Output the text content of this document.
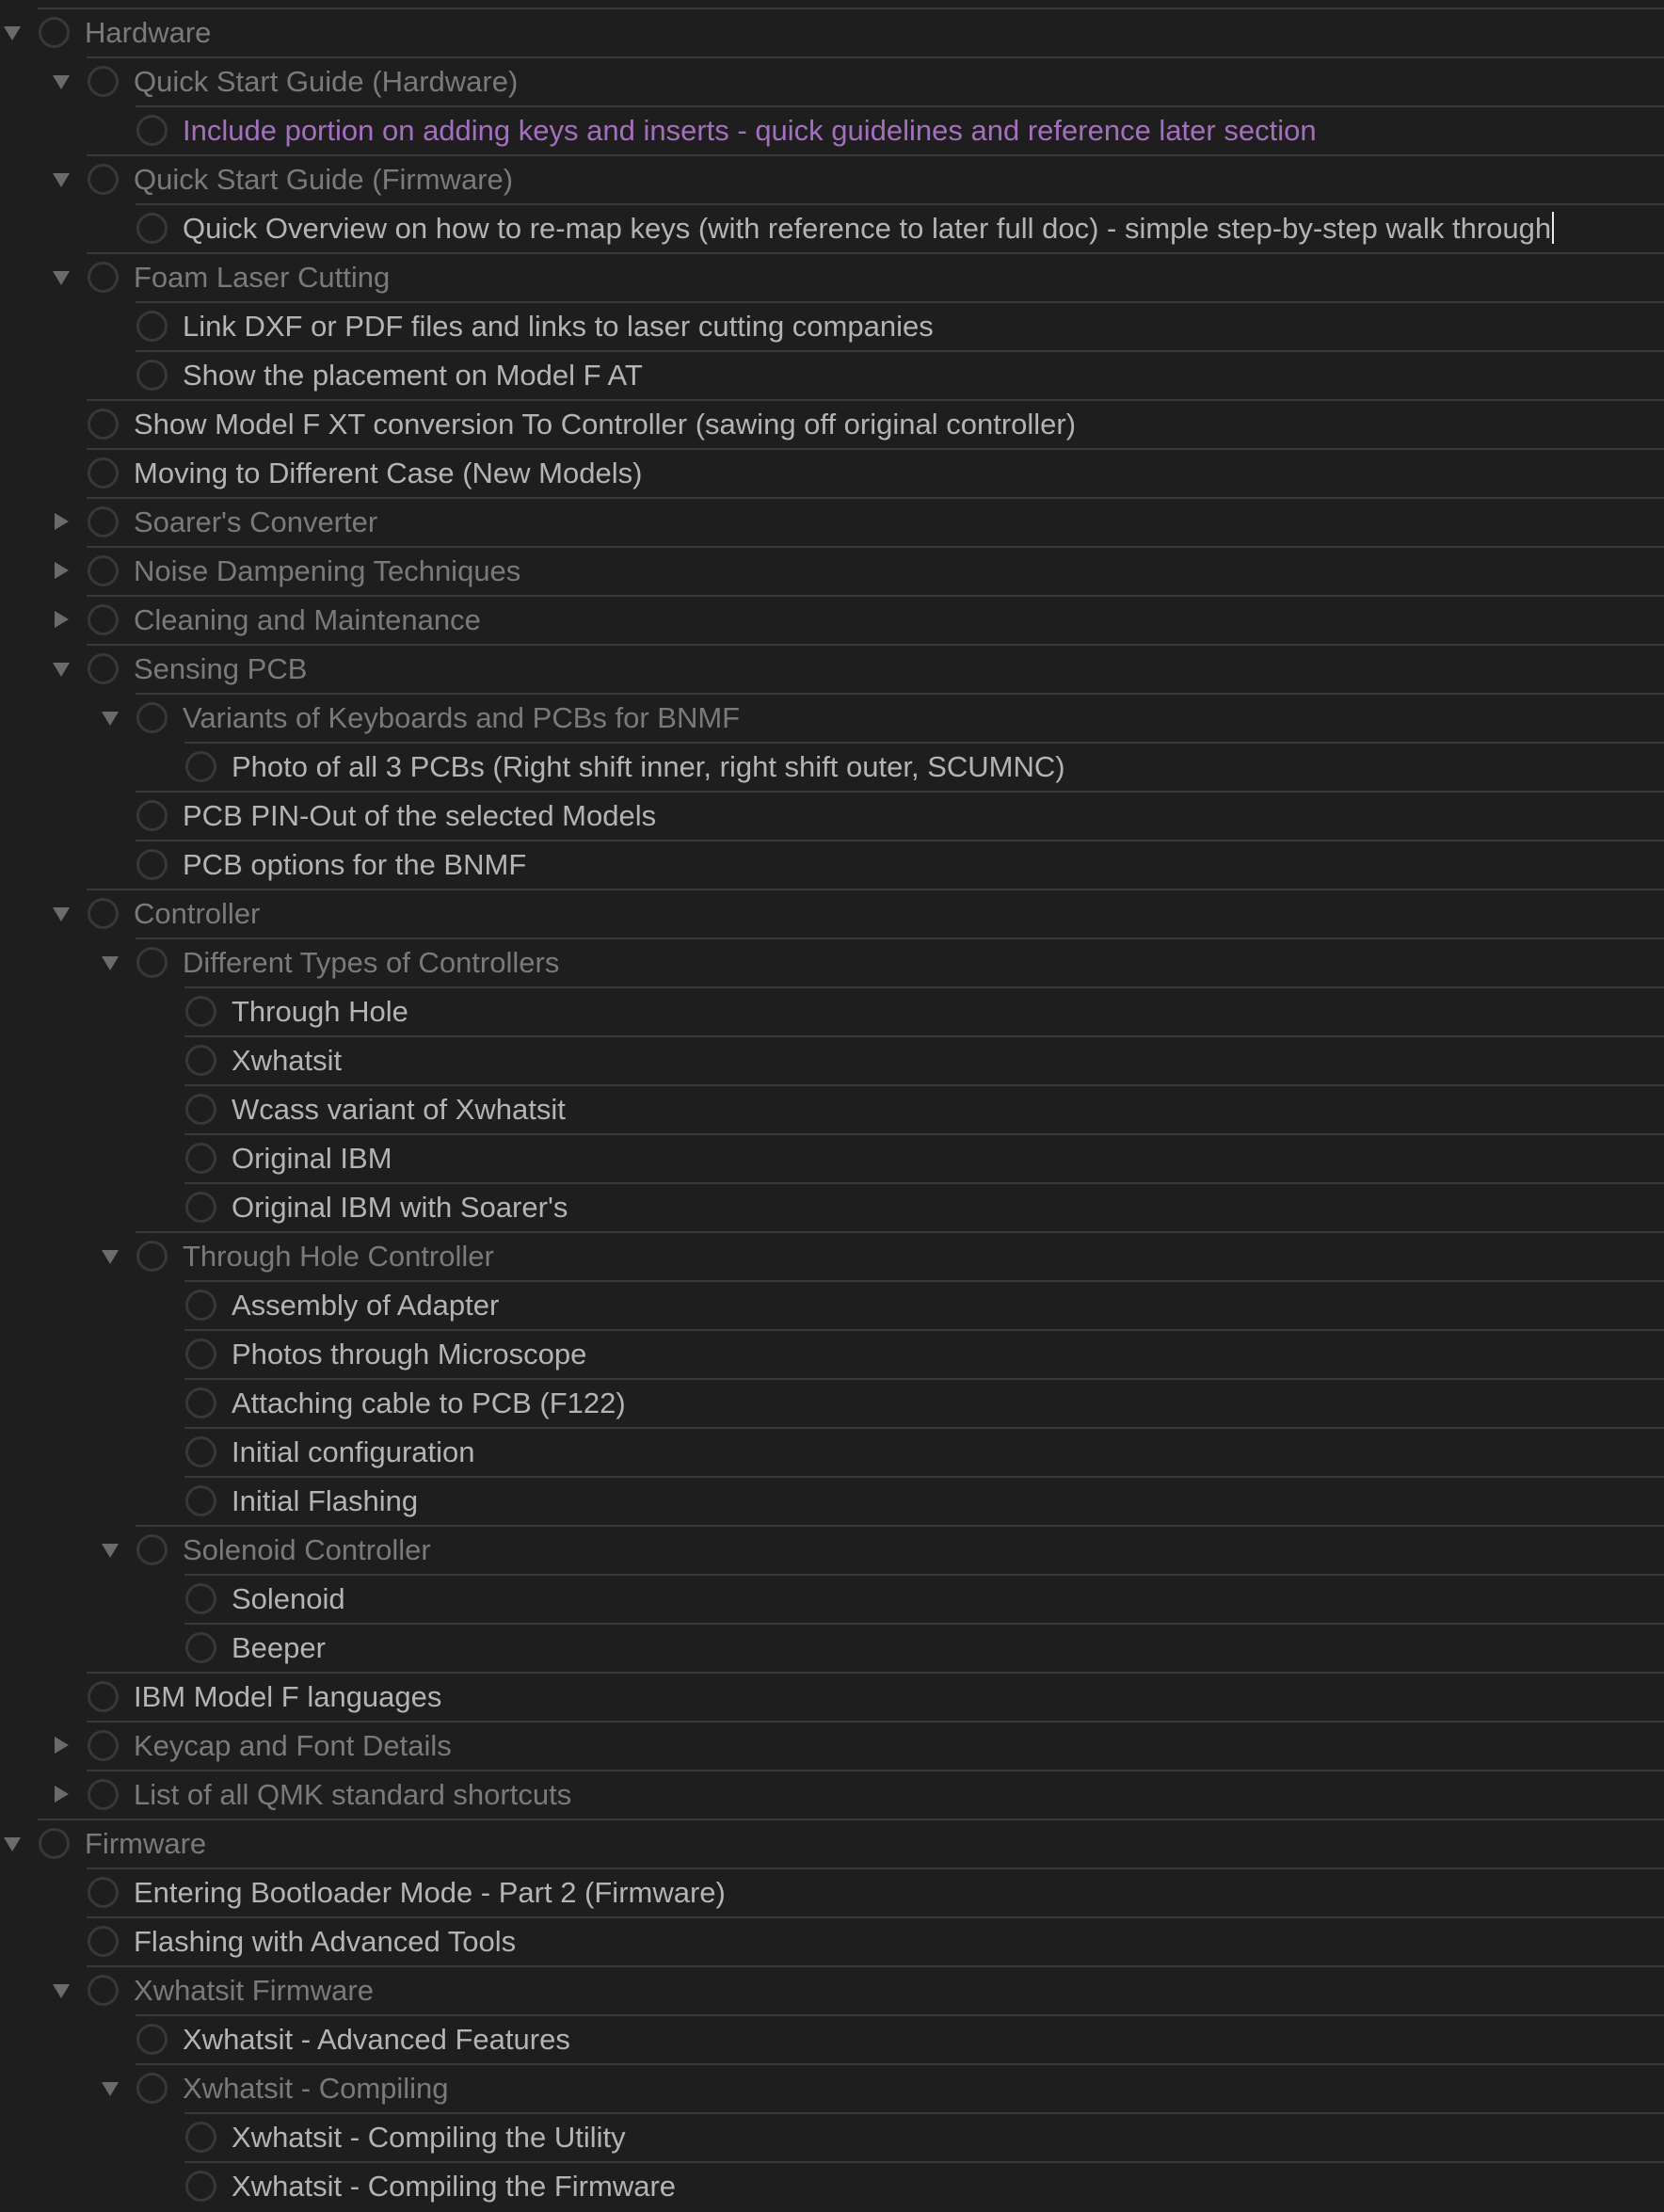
Hardware
Quick Start Guide (Hardware)
Include portion on adding keys and inserts - quick guidelines and reference later section
Quick Start Guide (Firmware)
Quick Overview on how to re-map keys (with reference to later full doc) - simple step-by-step walk through
Foam Laser Cutting
Link DXF or PDF files and links to laser cutting companies
Show the placement on Model F AT
Show Model F XT conversion To Controller (sawing off original controller)
Moving to Different Case (New Models)
Soarer's Converter
Noise Dampening Techniques
Cleaning and Maintenance
Sensing PCB
Variants of Keyboards and PCBs for BNMF
Photo of all 3 PCBs (Right shift inner, right shift outer, SCUMNC)
PCB PIN-Out of the selected Models
PCB options for the BNMF
Controller
Different Types of Controllers
Through Hole
Xwhatsit
Wcass variant of Xwhatsit
Original IBM
Original IBM with Soarer's
Through Hole Controller
Assembly of Adapter
Photos through Microscope
Attaching cable to PCB (F122)
Initial configuration
Initial Flashing
Solenoid Controller
Solenoid
Beeper
IBM Model F languages
Keycap and Font Details
List of all QMK standard shortcuts
Firmware
Entering Bootloader Mode - Part 2 (Firmware)
Flashing with Advanced Tools
Xwhatsit Firmware
Xwhatsit - Advanced Features
Xwhatsit - Compiling
Xwhatsit - Compiling the Utility
Xwhatsit - Compiling the Firmware
